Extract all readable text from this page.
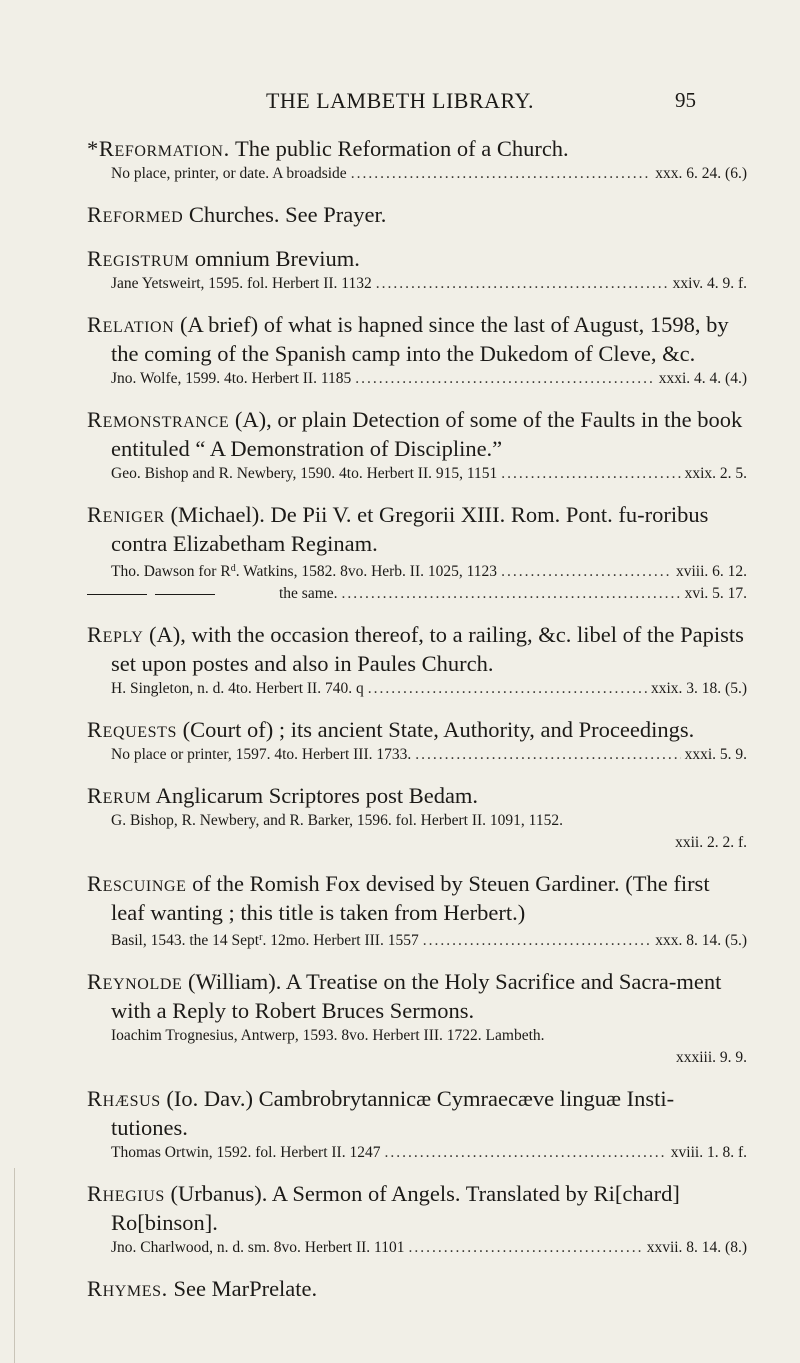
THE LAMBETH LIBRARY.	95
*Reformation. The public Reformation of a Church.
No place, printer, or date. A broadside .....	xxx. 6. 24. (6.)
Reformed Churches. See Prayer.
Registrum omnium Brevium.
Jane Yetsweirt, 1595. fol. Herbert II. 1132 .....	xxiv. 4. 9. f.
Relation (A brief) of what is hapned since the last of August, 1598, by the coming of the Spanish camp into the Dukedom of Cleve, &c.
Jno. Wolfe, 1599. 4to. Herbert II. 1185 .....	xxxi. 4. 4. (4.)
Remonstrance (A), or plain Detection of some of the Faults in the book entituled “ A Demonstration of Discipline.”
Geo. Bishop and R. Newbery, 1590. 4to. Herbert II. 915, 1151 .....	xxix. 2. 5.
Reniger (Michael). De Pii V. et Gregorii XIII. Rom. Pont. fu-roribus contra Elizabetham Reginam.
Tho. Dawson for $R^d$. Watkins, 1582. 8vo. Herb. II. 1025, 1123 .....	xviii. 6. 12.
the same. .....	xvi. 5. 17.
Reply (A), with the occasion thereof, to a railing, &c. libel of the Papists set upon postes and also in Paules Church.
H. Singleton, n. d. 4to. Herbert II. 740. q .....	xxix. 3. 18. (5.)
Requests (Court of) ; its ancient State, Authority, and Proceedings.
No place or printer, 1597. 4to. Herbert III. 1733. .....	xxxi. 5. 9.
Rerum Anglicarum Scriptores post Bedam.
G. Bishop, R. Newbery, and R. Barker, 1596. fol. Herbert II. 1091, 1152.
xxii. 2. 2. f.
Rescuinge of the Romish Fox devised by Steuen Gardiner. (The first leaf wanting ; this title is taken from Herbert.)
Basil, 1543. the 14 Sept$^r$. 12mo. Herbert III. 1557 .....	xxx. 8. 14. (5.)
Reynolde (William). A Treatise on the Holy Sacrifice and Sacra-ment with a Reply to Robert Bruces Sermons.
Ioachim Trognesius, Antwerp, 1593. 8vo. Herbert III. 1722. Lambeth.
xxxiii. 9. 9.
Rhæsus (Io. Dav.) Cambrobrytannicæ Cymraecæve linguæ Insti-tutiones.
Thomas Ortwin, 1592. fol. Herbert II. 1247 .....	xviii. 1. 8. f.
Rhegius (Urbanus). A Sermon of Angels. Translated by Ri[chard] Ro[binson].
Jno. Charlwood, n. d. sm. 8vo. Herbert II. 1101 .....	xxvii. 8. 14. (8.)
Rhymes. See MarPrelate.
